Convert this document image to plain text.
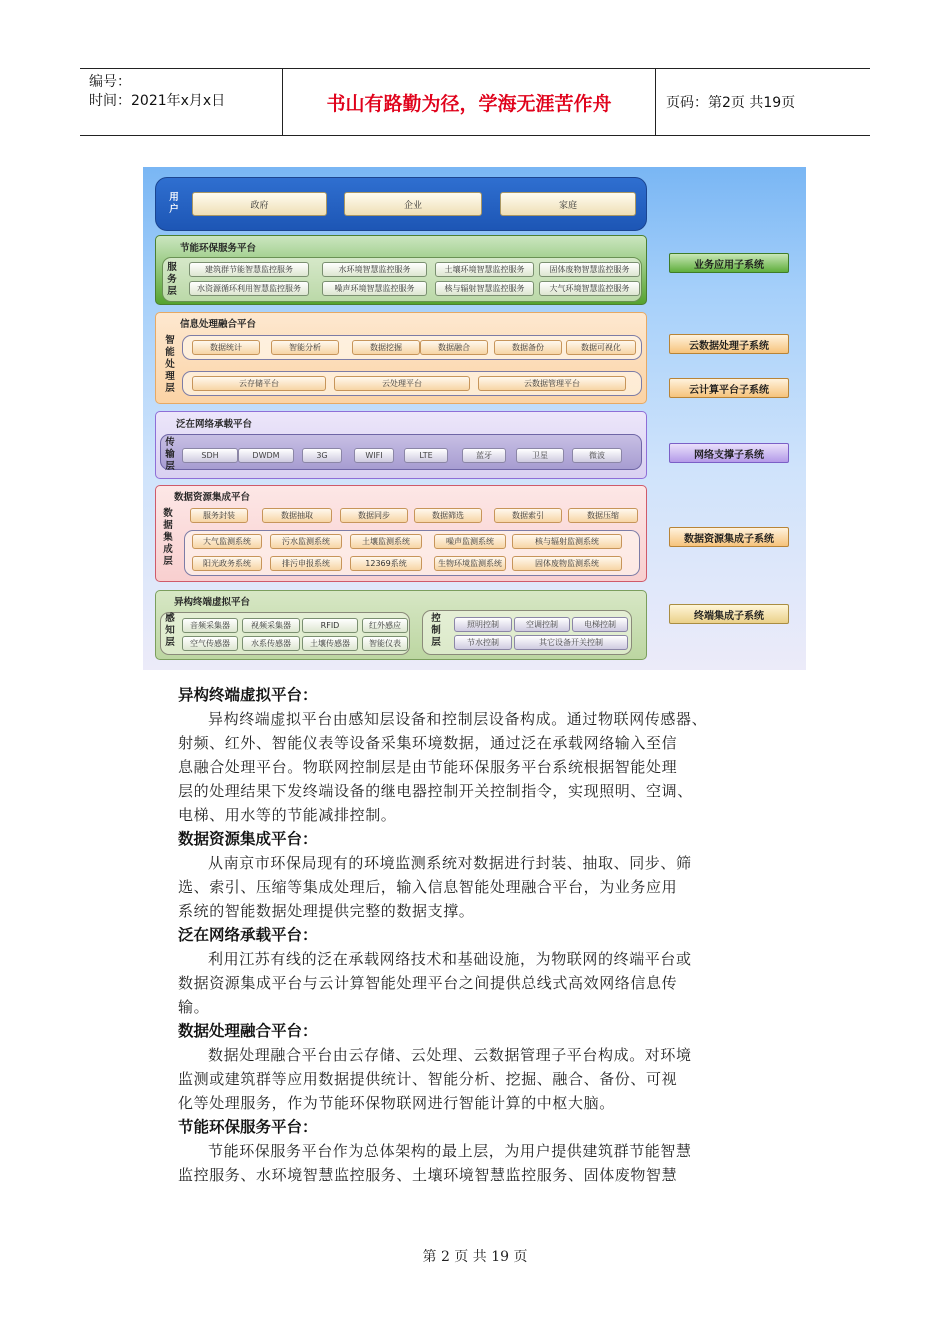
编号：
时间：2021年x月x日	书山有路勤为径，学海无涯苦作舟	页码：第2页 共19页
用户	政府	企业	家庭
节能环保服务平台
服务层
建筑群节能智慧监控服务	水环境智慧监控服务	土壤环境智慧监控服务	固体废物智慧监控服务
水资源循环利用智慧监控服务	噪声环境智慧监控服务	核与辐射智慧监控服务	大气环境智慧监控服务
信息处理融合平台
智能处理层
数据统计	智能分析	数据挖掘	数据融合	数据备份	数据可视化
云存储平台	云处理平台	云数据管理平台
泛在网络承载平台
传输层
SDH	DWDM	3G	WIFI	LTE	蓝牙	卫星	微波
数据资源集成平台
数据集成层
服务封装	数据抽取	数据同步	数据筛选	数据索引	数据压缩
大气监测系统	污水监测系统	土壤监测系统	噪声监测系统	核与辐射监测系统
阳光政务系统	排污申报系统	12369系统	生物环境监测系统	固体废物监测系统
异构终端虚拟平台
感知层
音频采集器	视频采集器	RFID	红外感应
空气传感器	水系传感器	土壤传感器	智能仪表
控制层
照明控制	空调控制	电梯控制
节水控制	其它设备开关控制
业务应用子系统
云数据处理子系统
云计算平台子系统
网络支撑子系统
数据资源集成子系统
终端集成子系统
异构终端虚拟平台：

异构终端虚拟平台由感知层设备和控制层设备构成。通过物联网传感器、

射频、红外、智能仪表等设备采集环境数据，通过泛在承载网络输入至信

息融合处理平台。物联网控制层是由节能环保服务平台系统根据智能处理

层的处理结果下发终端设备的继电器控制开关控制指令，实现照明、空调、

电梯、用水等的节能减排控制。

数据资源集成平台：

从南京市环保局现有的环境监测系统对数据进行封装、抽取、同步、筛

选、索引、压缩等集成处理后，输入信息智能处理融合平台，为业务应用

系统的智能数据处理提供完整的数据支撑。

泛在网络承载平台：

利用江苏有线的泛在承载网络技术和基础设施，为物联网的终端平台或

数据资源集成平台与云计算智能处理平台之间提供总线式高效网络信息传

输。

数据处理融合平台：

数据处理融合平台由云存储、云处理、云数据管理子平台构成。对环境

监测或建筑群等应用数据提供统计、智能分析、挖掘、融合、备份、可视

化等处理服务，作为节能环保物联网进行智能计算的中枢大脑。

节能环保服务平台：

节能环保服务平台作为总体架构的最上层，为用户提供建筑群节能智慧

监控服务、水环境智慧监控服务、土壤环境智慧监控服务、固体废物智慧

第 2 页 共 19 页
